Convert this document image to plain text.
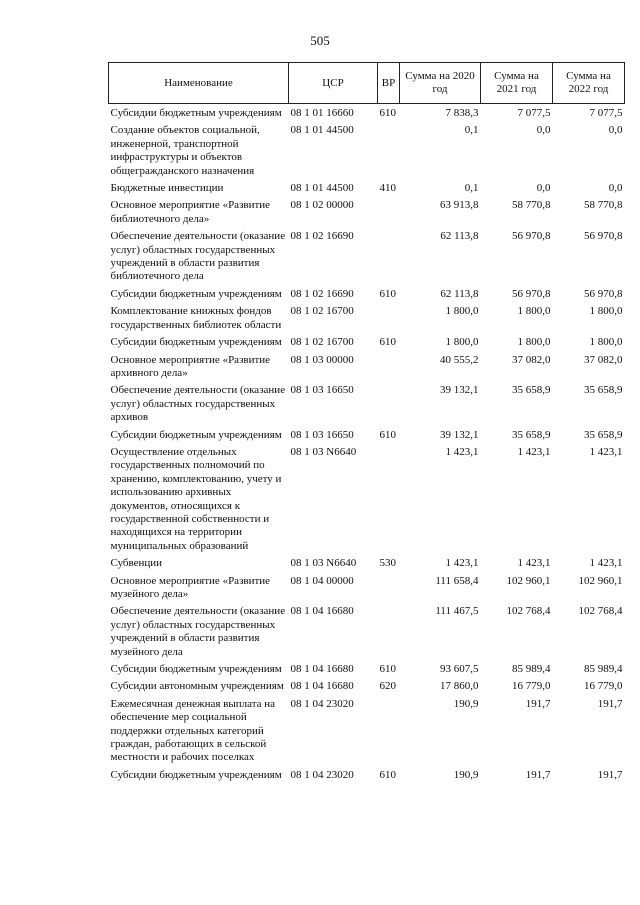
505
Наименование	ЦСР	ВР	Сумма на 2020 год	Сумма на 2021 год	Сумма на 2022 год
Субсидии бюджетным учреждениям	08 1 01 16660	610	7 838,3	7 077,5	7 077,5
Создание объектов социальной, инженерной, транспортной инфраструктуры и объектов общегражданского назначения	08 1 01 44500		0,1	0,0	0,0
Бюджетные инвестиции	08 1 01 44500	410	0,1	0,0	0,0
Основное мероприятие «Развитие библиотечного дела»	08 1 02 00000		63 913,8	58 770,8	58 770,8
Обеспечение деятельности (оказание услуг) областных государственных учреждений в области развития библиотечного дела	08 1 02 16690		62 113,8	56 970,8	56 970,8
Субсидии бюджетным учреждениям	08 1 02 16690	610	62 113,8	56 970,8	56 970,8
Комплектование книжных фондов государственных библиотек области	08 1 02 16700		1 800,0	1 800,0	1 800,0
Субсидии бюджетным учреждениям	08 1 02 16700	610	1 800,0	1 800,0	1 800,0
Основное мероприятие «Развитие архивного дела»	08 1 03 00000		40 555,2	37 082,0	37 082,0
Обеспечение деятельности (оказание услуг) областных государственных архивов	08 1 03 16650		39 132,1	35 658,9	35 658,9
Субсидии бюджетным учреждениям	08 1 03 16650	610	39 132,1	35 658,9	35 658,9
Осуществление отдельных государственных полномочий по хранению, комплектованию, учету и использованию архивных документов, относящихся к государственной собственности и находящихся на территории муниципальных образований	08 1 03 N6640		1 423,1	1 423,1	1 423,1
Субвенции	08 1 03 N6640	530	1 423,1	1 423,1	1 423,1
Основное мероприятие «Развитие музейного дела»	08 1 04 00000		111 658,4	102 960,1	102 960,1
Обеспечение деятельности (оказание услуг) областных государственных учреждений в области развития музейного дела	08 1 04 16680		111 467,5	102 768,4	102 768,4
Субсидии бюджетным учреждениям	08 1 04 16680	610	93 607,5	85 989,4	85 989,4
Субсидии автономным учреждениям	08 1 04 16680	620	17 860,0	16 779,0	16 779,0
Ежемесячная денежная выплата на обеспечение мер социальной поддержки отдельных категорий граждан, работающих в сельской местности и рабочих поселках	08 1 04 23020		190,9	191,7	191,7
Субсидии бюджетным учреждениям	08 1 04 23020	610	190,9	191,7	191,7
